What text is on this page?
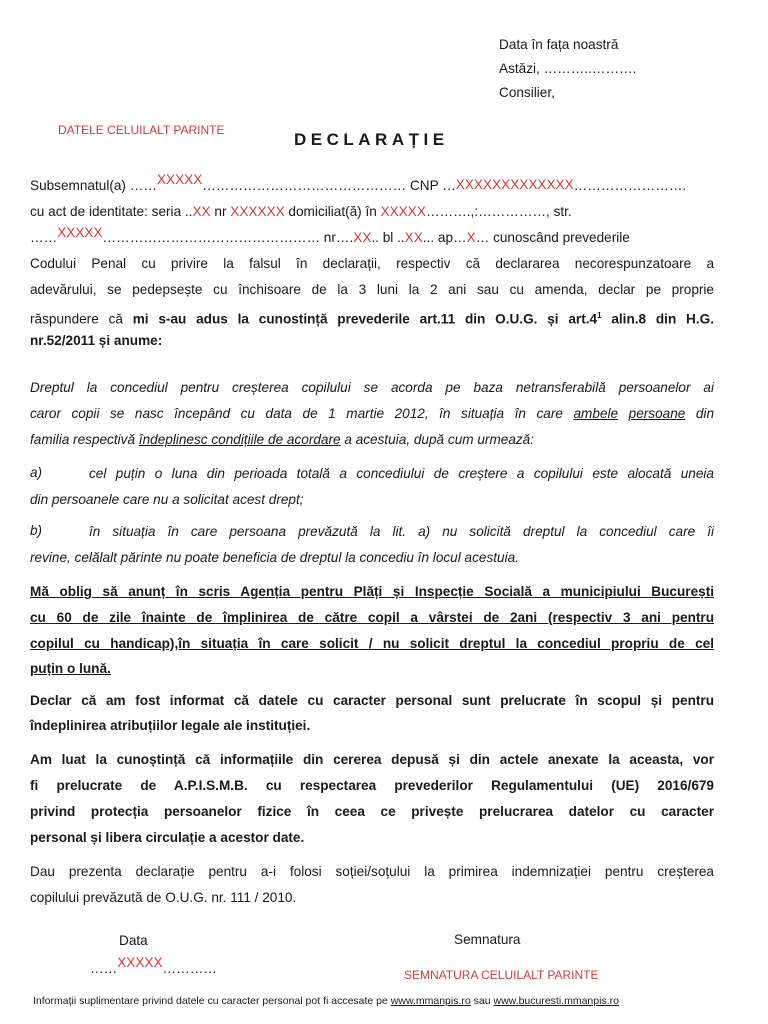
Data în fața noastră
Astăzi, ………..……….
Consilier,
DATELE CELUILALT PARINTE	DECLARAȚIE
Subsemnatul(a) ……XXXXX……………………………………… CNP …XXXXXXXXXXXXX…………………….
cu act de identitate: seria ..XX nr XXXXXX domiciliat(ă) în XXXXX……….,:……………, str.
……XXXXX………………………………………… nr….XX.. bl ..XX... ap…X… cunoscând prevederile
Codului Penal cu privire la falsul în declarații, respectiv că declararea necorespunzatoare a
adevărului, se pedepsește cu închisoare de la 3 luni la 2 ani sau cu amenda, declar pe proprie
răspundere că mi s-au adus la cunostință prevederile art.11 din O.U.G. și $art.4^1$ alin.8 din H.G.
nr.52/2011 și anume:
Dreptul la concediul pentru creșterea copilului se acorda pe baza netransferabilă persoanelor ai
caror copii se nasc începând cu data de 1 martie 2012, în situația în care ambele persoane din
familia respectivă îndeplinesc condițiile de acordare a acestuia, după cum urmează:
a)	cel puțin o luna din perioada totală a concediului de creștere a copilului este alocată uneia
din persoanele care nu a solicitat acest drept;
b)	în situația în care persoana prevăzută la lit. a) nu solicită dreptul la concediul care îi
revine, celălalt părinte nu poate beneficia de dreptul la concediu în locul acestuia.
Mă oblig să anunț în scris Agenția pentru Plăți și Inspecție Socială a municipiului București
cu 60 de zile înainte de împlinirea de către copil a vârstei de 2ani (respectiv 3 ani pentru
copilul cu handicap),în situația în care solicit / nu solicit dreptul la concediul propriu de cel
puțin o lună.
Declar că am fost informat că datele cu caracter personal sunt prelucrate în scopul și pentru
îndeplinirea atribuțiilor legale ale instituției.
Am luat la cunoștință că informațiile din cererea depusă și din actele anexate la aceasta, vor
fi prelucrate de A.P.I.S.M.B. cu respectarea prevederilor Regulamentului (UE) 2016/679
privind protecția persoanelor fizice în ceea ce privește prelucrarea datelor cu caracter
personal și libera circulație a acestor date.
Dau prezenta declarație pentru a-i folosi soției/soțului la primirea indemnizației pentru creșterea
copilului prevăzută de O.U.G. nr. 111 / 2010.
Data
……XXXXX…………
Semnatura
SEMNATURA CELUILALT PARINTE
Informații suplimentare privind datele cu caracter personal pot fi accesate pe www.mmanpis.ro sau www.bucuresti.mmanpis.ro
